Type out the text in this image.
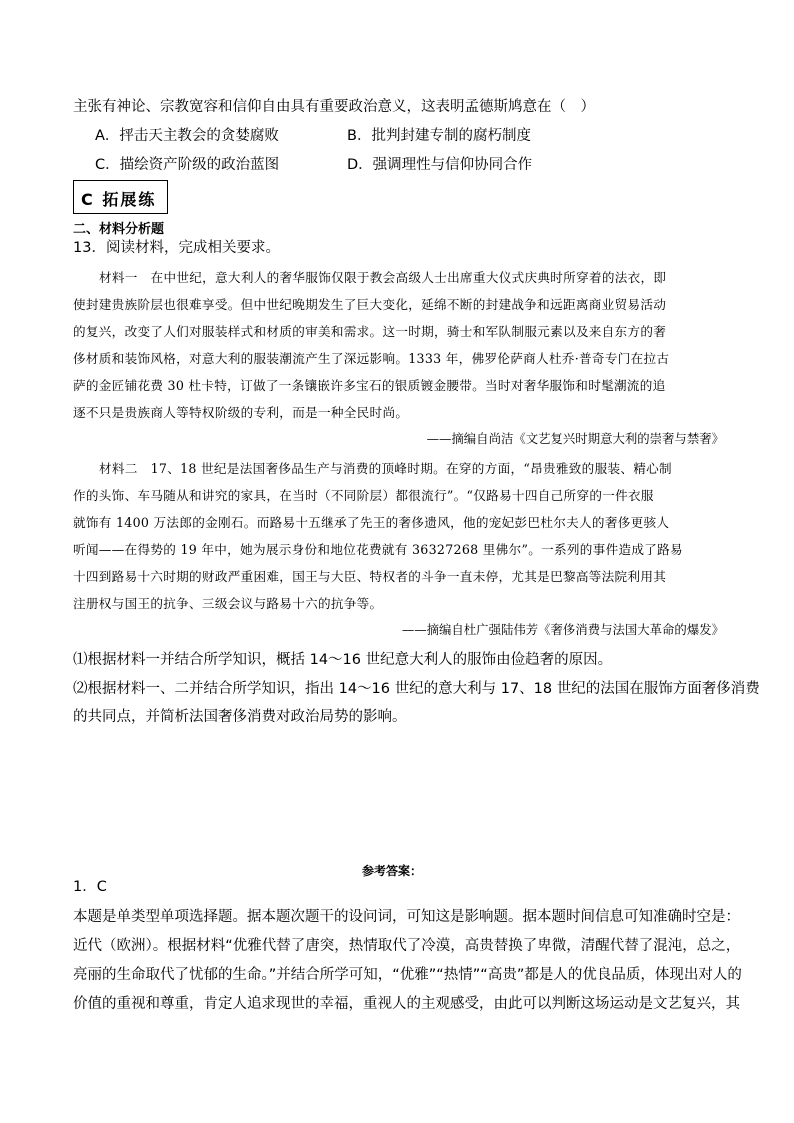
主张有神论、宗教宽容和信仰自由具有重要政治意义，这表明孟德斯鸠意在（　）
A．抨击天主教会的贪婪腐败	B．批判封建专制的腐朽制度
C．描绘资产阶级的政治蓝图	D．强调理性与信仰协同合作
C 拓展练
二、材料分析题
13．阅读材料，完成相关要求。
材料一　在中世纪，意大利人的奢华服饰仅限于教会高级人士出席重大仪式庆典时所穿着的法衣，即
使封建贵族阶层也很难享受。但中世纪晚期发生了巨大变化，延绵不断的封建战争和远距离商业贸易活动
的复兴，改变了人们对服装样式和材质的审美和需求。这一时期，骑士和军队制服元素以及来自东方的奢
侈材质和装饰风格，对意大利的服装潮流产生了深远影响。1333 年，佛罗伦萨商人杜乔·普奇专门在拉古
萨的金匠铺花费 30 杜卡特，订做了一条镶嵌许多宝石的银质镀金腰带。当时对奢华服饰和时髦潮流的追
逐不只是贵族商人等特权阶级的专利，而是一种全民时尚。
——摘编自尚洁《文艺复兴时期意大利的崇奢与禁奢》
材料二　17、18 世纪是法国奢侈品生产与消费的顶峰时期。在穿的方面，“昂贵雅致的服装、精心制
作的头饰、车马随从和讲究的家具，在当时（不同阶层）都很流行”。“仅路易十四自己所穿的一件衣服
就饰有 1400 万法郎的金刚石。而路易十五继承了先王的奢侈遗风，他的宠妃彭巴杜尔夫人的奢侈更骇人
听闻——在得势的 19 年中，她为展示身份和地位花费就有 36327268 里佛尔”。一系列的事件造成了路易
十四到路易十六时期的财政严重困难，国王与大臣、特权者的斗争一直未停，尤其是巴黎高等法院利用其
注册权与国王的抗争、三级会议与路易十六的抗争等。
——摘编自杜广强陆伟芳《奢侈消费与法国大革命的爆发》
⑴根据材料一并结合所学知识，概括 14～16 世纪意大利人的服饰由俭趋奢的原因。
⑵根据材料一、二并结合所学知识，指出 14～16 世纪的意大利与 17、18 世纪的法国在服饰方面奢侈消费
的共同点，并简析法国奢侈消费对政治局势的影响。
参考答案：
1．C
本题是单类型单项选择题。据本题次题干的设问词，可知这是影响题。据本题时间信息可知准确时空是：
近代（欧洲）。根据材料“优雅代替了唐突，热情取代了冷漠，高贵替换了卑微，清醒代替了混沌，总之，
亮丽的生命取代了忧郁的生命。”并结合所学可知，“优雅”“热情”“高贵”都是人的优良品质，体现出对人的
价值的重视和尊重，肯定人追求现世的幸福，重视人的主观感受，由此可以判断这场运动是文艺复兴，其
